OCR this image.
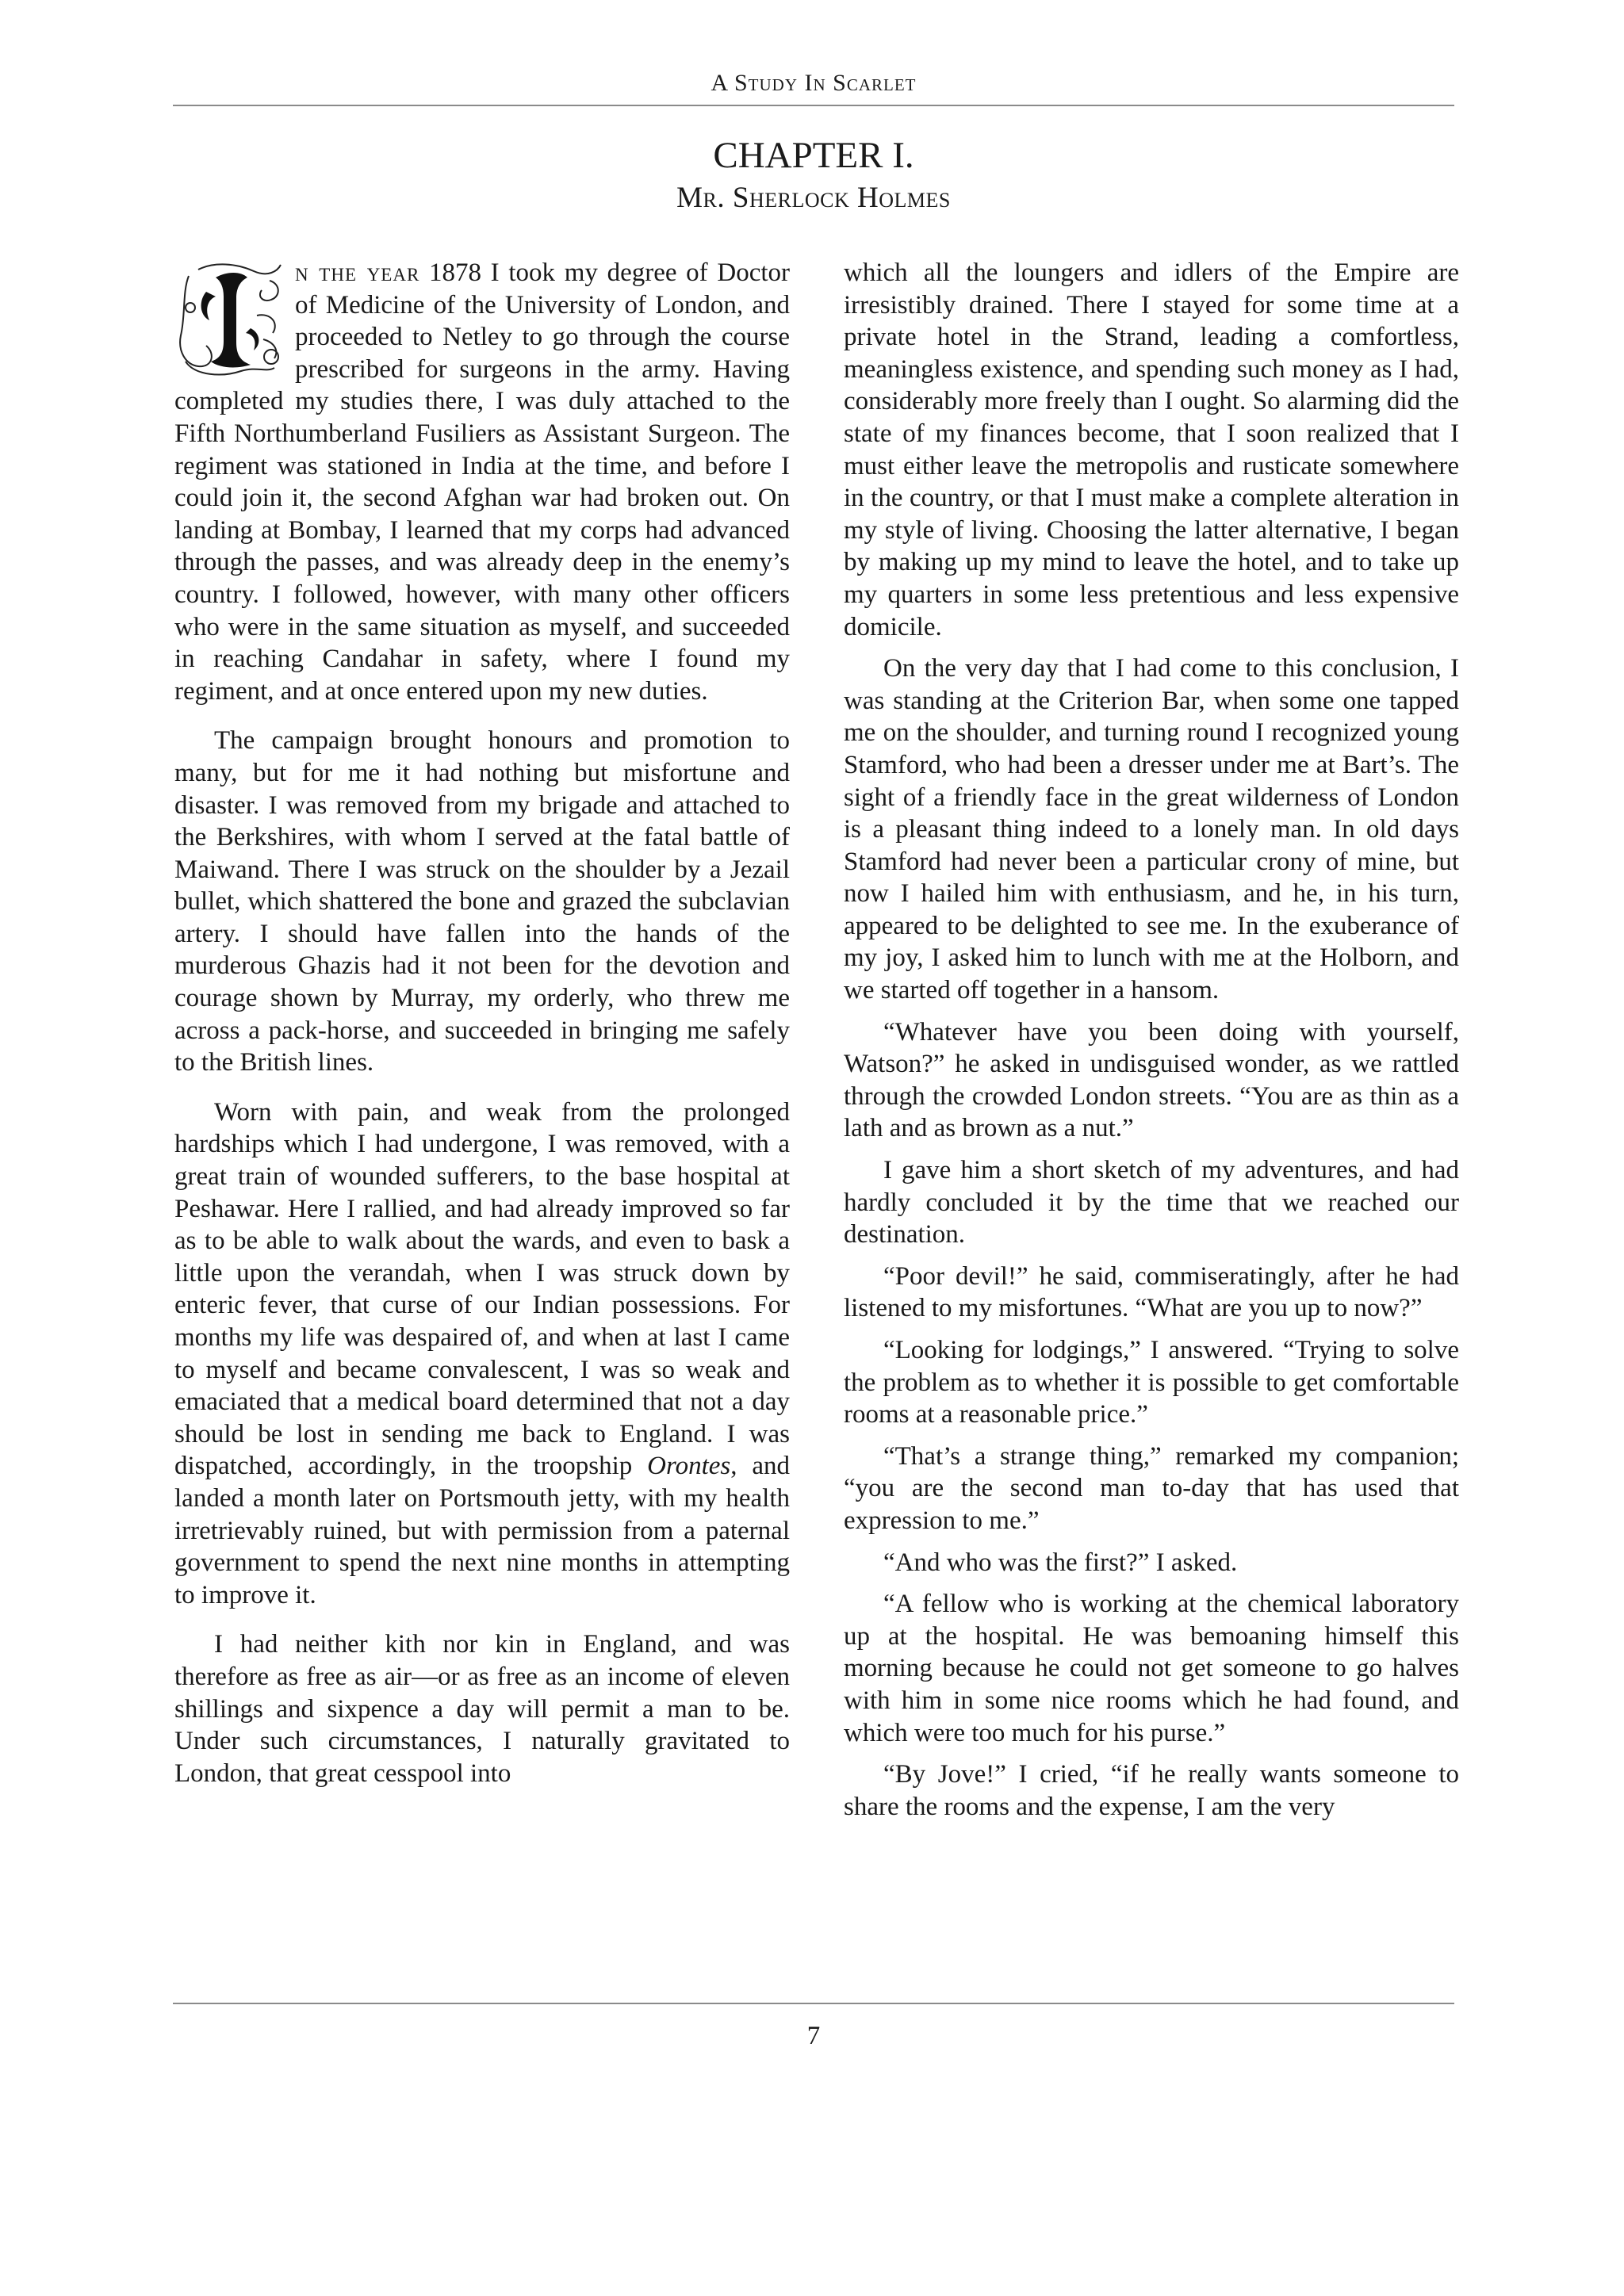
A Study In Scarlet
CHAPTER I.
Mr. Sherlock Holmes

n the year 1878 I took my degree of Doctor of Medicine of the University of London, and proceeded to Netley to go through the course prescribed for surgeons in the army. Having completed my studies there, I was duly attached to the Fifth Northumberland Fusiliers as Assistant Surgeon. The regiment was stationed in India at the time, and before I could join it, the second Afghan war had broken out. On landing at Bombay, I learned that my corps had advanced through the passes, and was already deep in the enemy’s country. I followed, however, with many other officers who were in the same situation as myself, and succeeded in reaching Candahar in safety, where I found my regiment, and at once entered upon my new duties.

The campaign brought honours and promotion to many, but for me it had nothing but misfortune and disaster. I was removed from my brigade and attached to the Berkshires, with whom I served at the fatal battle of Maiwand. There I was struck on the shoulder by a Jezail bullet, which shattered the bone and grazed the subclavian artery. I should have fallen into the hands of the murderous Ghazis had it not been for the devotion and courage shown by Murray, my orderly, who threw me across a pack-horse, and succeeded in bringing me safely to the British lines.

Worn with pain, and weak from the prolonged hardships which I had undergone, I was removed, with a great train of wounded sufferers, to the base hospital at Peshawar. Here I rallied, and had already improved so far as to be able to walk about the wards, and even to bask a little upon the verandah, when I was struck down by enteric fever, that curse of our Indian possessions. For months my life was despaired of, and when at last I came to myself and became convalescent, I was so weak and emaciated that a medical board determined that not a day should be lost in sending me back to England. I was dispatched, accordingly, in the troopship Orontes, and landed a month later on Portsmouth jetty, with my health irretrievably ruined, but with permission from a paternal government to spend the next nine months in attempting to improve it.

I had neither kith nor kin in England, and was therefore as free as air—or as free as an income of eleven shillings and sixpence a day will permit a man to be. Under such circumstances, I naturally gravitated to London, that great cesspool into

which all the loungers and idlers of the Empire are irresistibly drained. There I stayed for some time at a private hotel in the Strand, leading a comfortless, meaningless existence, and spending such money as I had, considerably more freely than I ought. So alarming did the state of my finances become, that I soon realized that I must either leave the metropolis and rusticate somewhere in the country, or that I must make a complete alteration in my style of living. Choosing the latter alternative, I began by making up my mind to leave the hotel, and to take up my quarters in some less pretentious and less expensive domicile.

On the very day that I had come to this conclusion, I was standing at the Criterion Bar, when some one tapped me on the shoulder, and turning round I recognized young Stamford, who had been a dresser under me at Bart’s. The sight of a friendly face in the great wilderness of London is a pleasant thing indeed to a lonely man. In old days Stamford had never been a particular crony of mine, but now I hailed him with enthusiasm, and he, in his turn, appeared to be delighted to see me. In the exuberance of my joy, I asked him to lunch with me at the Holborn, and we started off together in a hansom.

“Whatever have you been doing with yourself, Watson?” he asked in undisguised wonder, as we rattled through the crowded London streets. “You are as thin as a lath and as brown as a nut.”

I gave him a short sketch of my adventures, and had hardly concluded it by the time that we reached our destination.

“Poor devil!” he said, commiseratingly, after he had listened to my misfortunes. “What are you up to now?”

“Looking for lodgings,” I answered. “Trying to solve the problem as to whether it is possible to get comfortable rooms at a reasonable price.”

“That’s a strange thing,” remarked my companion; “you are the second man to-day that has used that expression to me.”

“And who was the first?” I asked.

“A fellow who is working at the chemical laboratory up at the hospital. He was bemoaning himself this morning because he could not get someone to go halves with him in some nice rooms which he had found, and which were too much for his purse.”

“By Jove!” I cried, “if he really wants someone to share the rooms and the expense, I am the very

7
